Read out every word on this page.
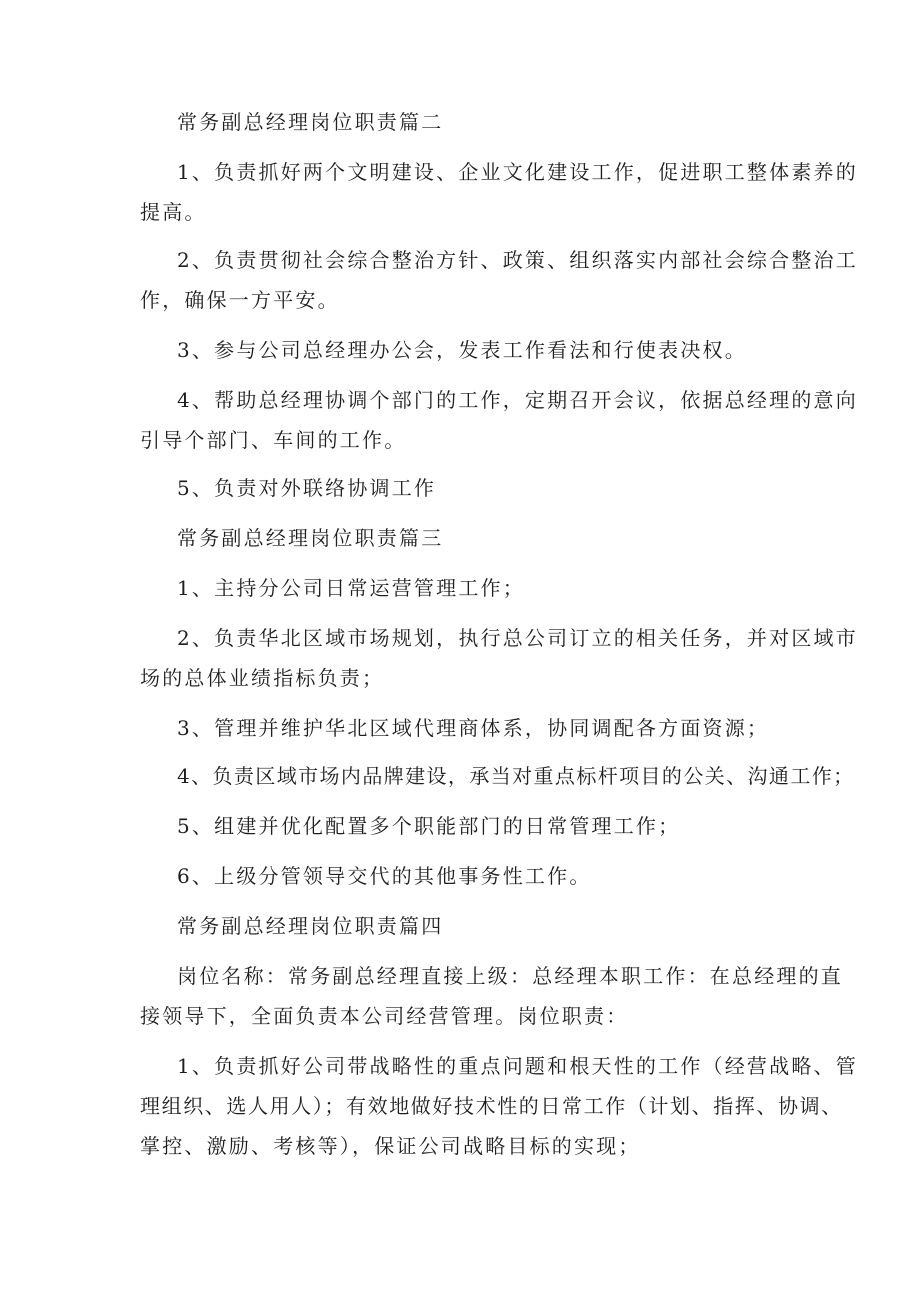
常务副总经理岗位职责篇二

1、负责抓好两个文明建设、企业文化建设工作，促进职工整体素养的
提高。

2、负责贯彻社会综合整治方针、政策、组织落实内部社会综合整治工
作，确保一方平安。

3、参与公司总经理办公会，发表工作看法和行使表决权。

4、帮助总经理协调个部门的工作，定期召开会议，依据总经理的意向
引导个部门、车间的工作。

5、负责对外联络协调工作

常务副总经理岗位职责篇三

1、主持分公司日常运营管理工作；

2、负责华北区域市场规划，执行总公司订立的相关任务，并对区域市
场的总体业绩指标负责；

3、管理并维护华北区域代理商体系，协同调配各方面资源；

4、负责区域市场内品牌建设，承当对重点标杆项目的公关、沟通工作；

5、组建并优化配置多个职能部门的日常管理工作；

6、上级分管领导交代的其他事务性工作。

常务副总经理岗位职责篇四

岗位名称：常务副总经理直接上级：总经理本职工作：在总经理的直
接领导下，全面负责本公司经营管理。岗位职责：

1、负责抓好公司带战略性的重点问题和根天性的工作（经营战略、管
理组织、选人用人）；有效地做好技术性的日常工作（计划、指挥、协调、
掌控、激励、考核等），保证公司战略目标的实现；
